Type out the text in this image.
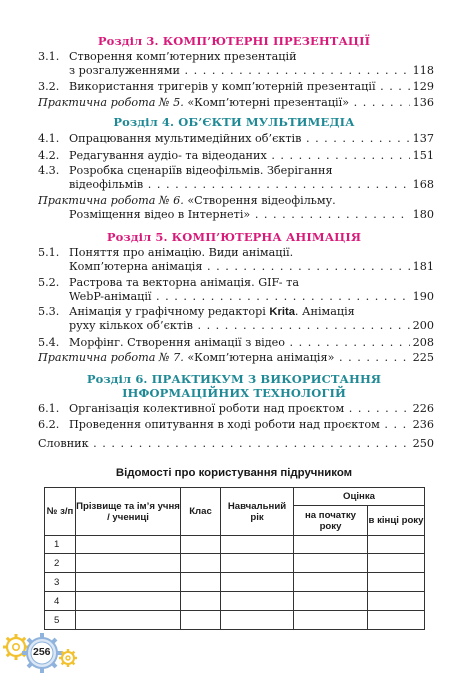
Розділ 3. КОМП’ЮТЕРНІ ПРЕЗЕНТАЦІЇ
3.1. Створення комп’ютерних презентацій
з розгалуженнями . . .	118
3.2. Використання тригерів у комп’ютерній презентації . . .	129
Практична робота № 5. «Комп’ютерні презентації» . . .	136
Розділ 4. ОБ’ЄКТИ МУЛЬТИМЕДІА
4.1. Опрацювання мультимедійних об’єктів . . .	137
4.2. Редагування аудіо- та відеоданих . . .	151
4.3. Розробка сценаріїв відеофільмів. Зберігання
відеофільмів . . .	168
Практична робота № 6. «Створення відеофільму.
Розміщення відео в Інтернеті» . . .	180
Розділ 5. КОМП’ЮТЕРНА АНІМАЦІЯ
5.1. Поняття про анімацію. Види анімації.
Комп’ютерна анімація . . .	181
5.2. Растрова та векторна анімація. GIF- та
WebP-анімації . . .	190
5.3. Анімація у графічному редакторі Krita. Анімація
руху кількох об’єктів . . .	200
5.4. Морфінг. Створення анімації з відео . . .	208
Практична робота № 7. «Комп’ютерна анімація» . . .	225
Розділ 6. ПРАКТИКУМ З ВИКОРИСТАННЯ
ІНФОРМАЦІЙНИХ ТЕХНОЛОГІЙ
6.1. Організація колективної роботи над проєктом . . .	226
6.2. Проведення опитування в ході роботи над проєктом . . .	236
Словник . . .	250
Відомості про користування підручником
№ з/п	Прізвище та ім’я учня / учениці	Клас	Навчальний рік	Оцінка	
				на початку року	в кінці року
1					
2					
3					
4					
5					
256
